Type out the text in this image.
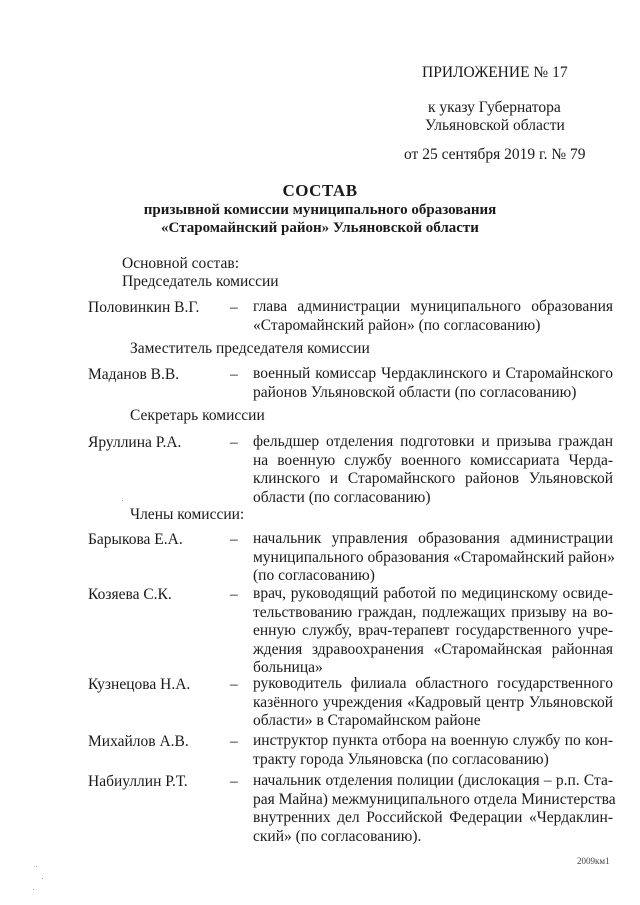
ПРИЛОЖЕНИЕ № 17
к указу Губернатора
Ульяновской области
от 25 сентября 2019 г. № 79
СОСТАВ
призывной комиссии муниципального образования
«Старомайнский район» Ульяновской области
Основной состав:
Председатель комиссии
Половинкин В.Г. – глава администрации муниципального образования
«Старомайнский район» (по согласованию)
Заместитель председателя комиссии
Маданов В.В.	– военный комиссар Чердаклинского и Старомайнского
районов Ульяновской области (по согласованию)
Секретарь комиссии
Яруллина Р.А.	– фельдшер отделения подготовки и призыва граждан
на военную службу военного комиссариата Черда-
клинского и Старомайнского районов Ульяновской
области (по согласованию)
Члены комиссии:
Барыкова Е.А.	– начальник управления образования администрации
муниципального образования «Старомайнский район»
(по согласованию)
Козяева С.К.	– врач, руководящий работой по медицинскому освиде-
тельствованию граждан, подлежащих призыву на во-
енную службу, врач-терапевт государственного учре-
ждения здравоохранения «Старомайнская районная
больница»
Кузнецова Н.А.	– руководитель филиала областного государственного
казённого учреждения «Кадровый центр Ульяновской
области» в Старомайнском районе
Михайлов А.В.	– инструктор пункта отбора на военную службу по кон-
тракту города Ульяновска (по согласованию)
Набиуллин Р.Т.	– начальник отделения полиции (дислокация – р.п. Ста-
рая Майна) межмуниципального отдела Министерства
внутренних дел Российской Федерации «Чердаклин-
ский» (по согласованию).
2009км1
